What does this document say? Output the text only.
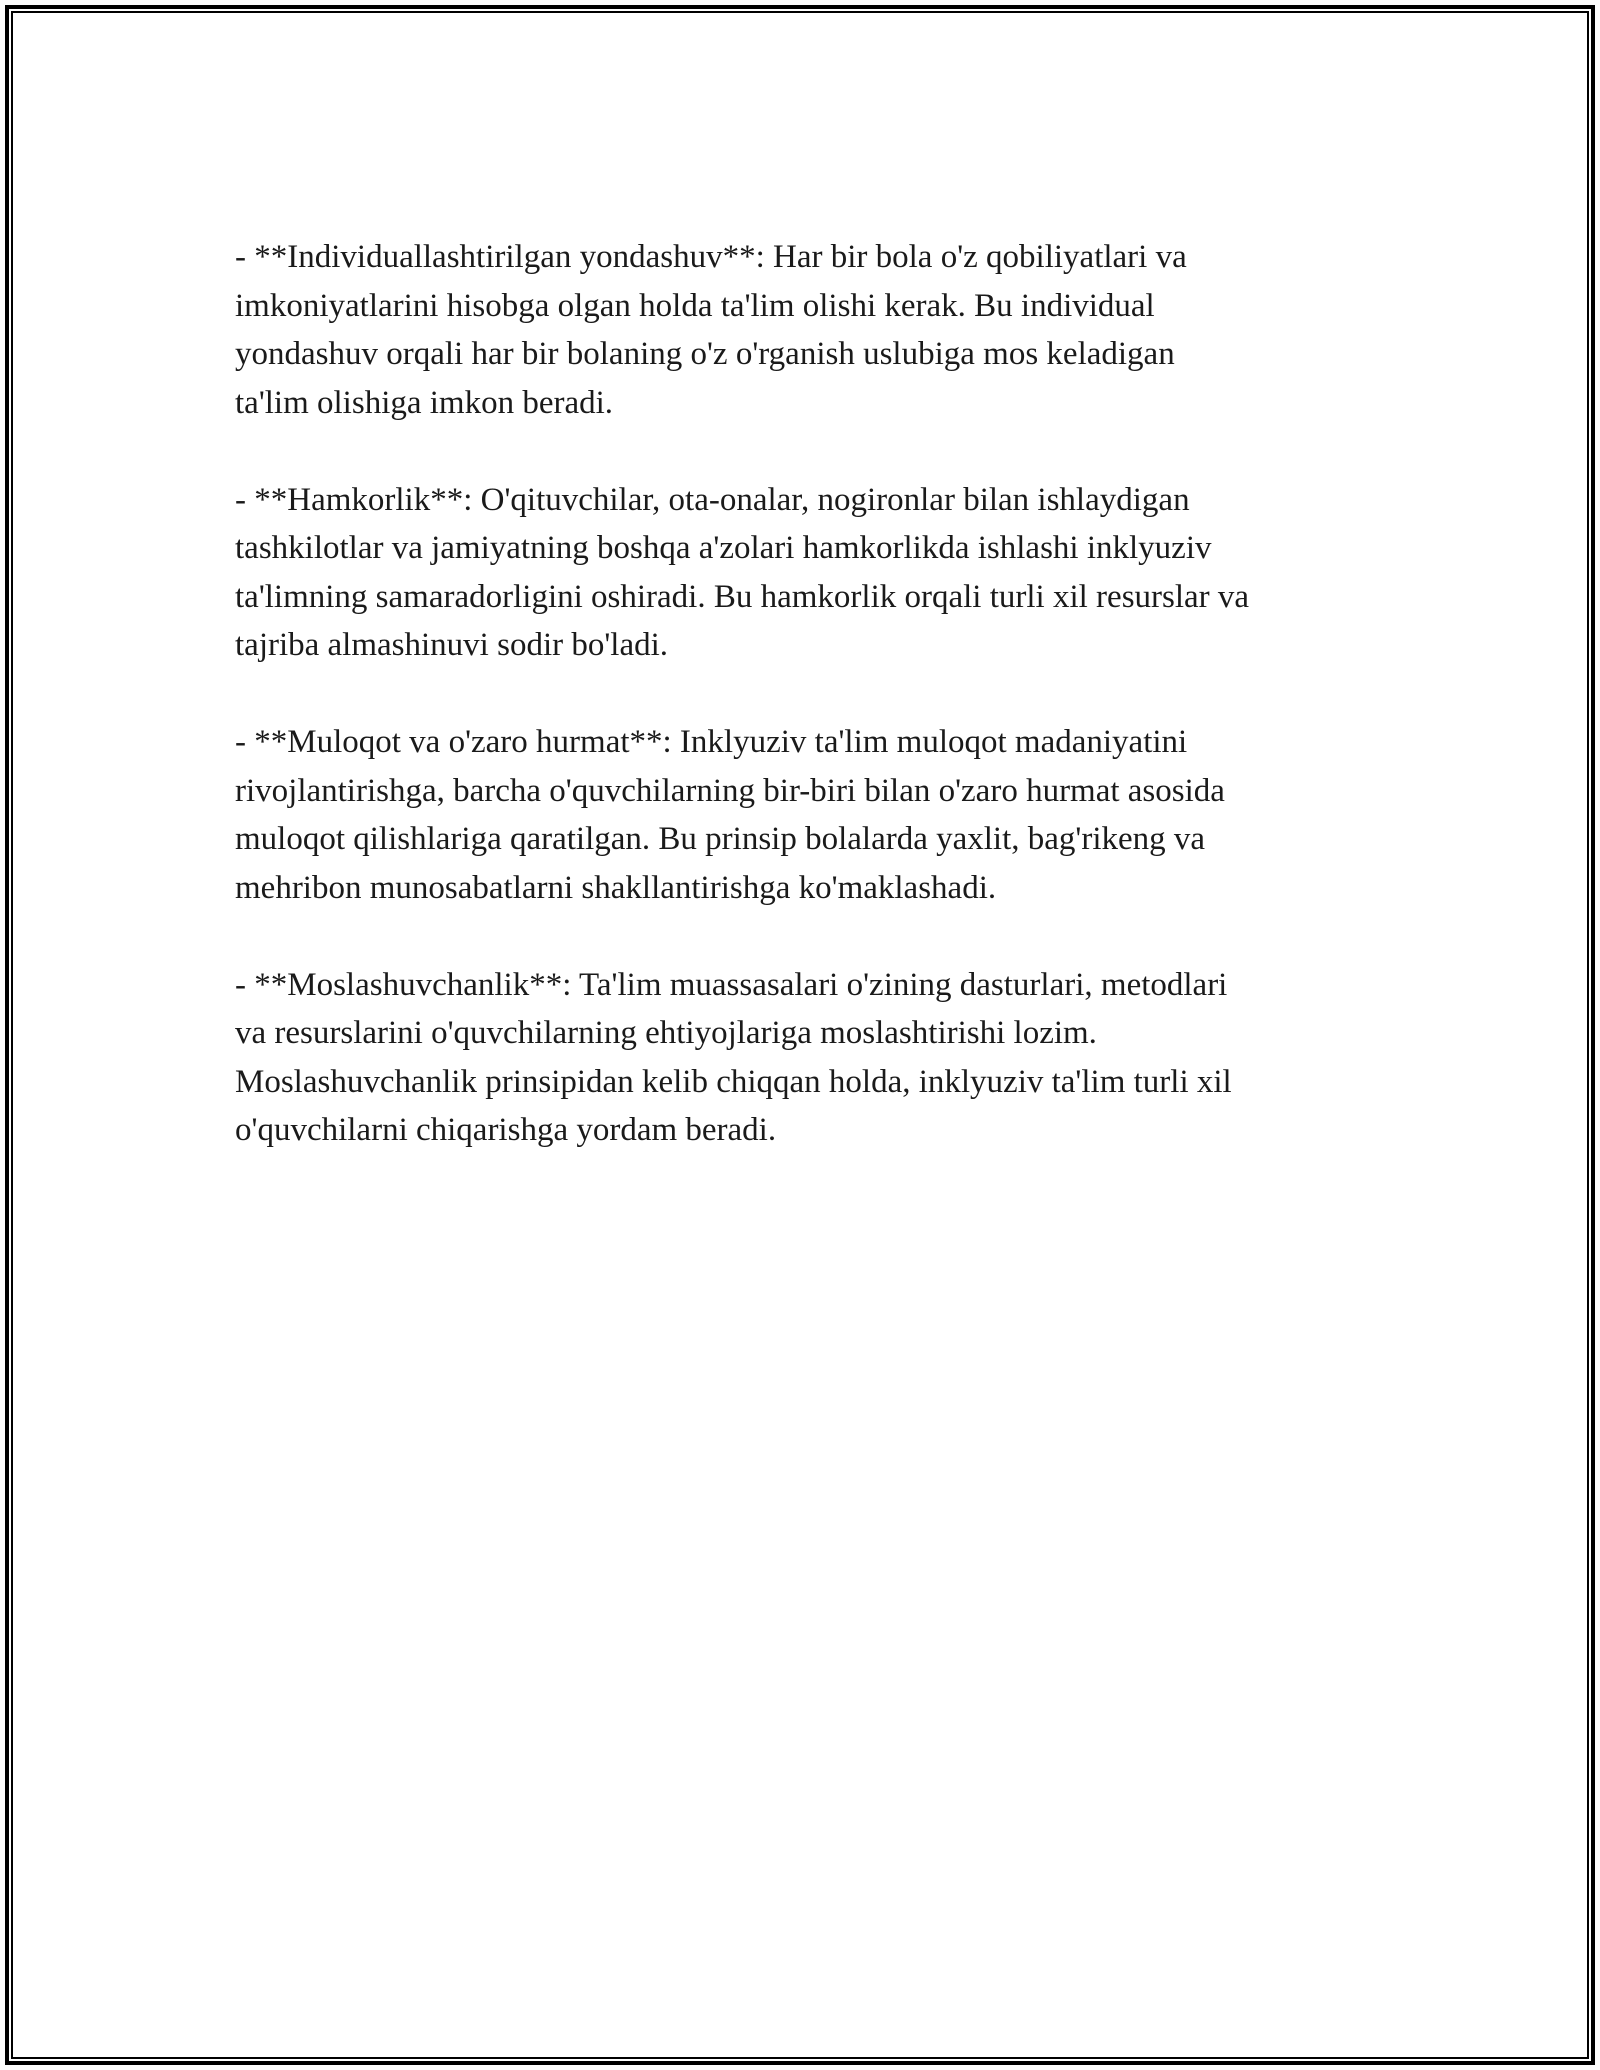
- **Individuallashtirilgan yondashuv**: Har bir bola o'z qobiliyatlari va
imkoniyatlarini hisobga olgan holda ta'lim olishi kerak. Bu individual
yondashuv orqali har bir bolaning o'z o'rganish uslubiga mos keladigan
ta'lim olishiga imkon beradi.

- **Hamkorlik**: O'qituvchilar, ota-onalar, nogironlar bilan ishlaydigan
tashkilotlar va jamiyatning boshqa a'zolari hamkorlikda ishlashi inklyuziv
ta'limning samaradorligini oshiradi. Bu hamkorlik orqali turli xil resurslar va
tajriba almashinuvi sodir bo'ladi.

- **Muloqot va o'zaro hurmat**: Inklyuziv ta'lim muloqot madaniyatini
rivojlantirishga, barcha o'quvchilarning bir-biri bilan o'zaro hurmat asosida
muloqot qilishlariga qaratilgan. Bu prinsip bolalarda yaxlit, bag'rikeng va
mehribon munosabatlarni shakllantirishga ko'maklashadi.

- **Moslashuvchanlik**: Ta'lim muassasalari o'zining dasturlari, metodlari
va resurslarini o'quvchilarning ehtiyojlariga moslashtirishi lozim.
Moslashuvchanlik prinsipidan kelib chiqqan holda, inklyuziv ta'lim turli xil
o'quvchilarni chiqarishga yordam beradi.
